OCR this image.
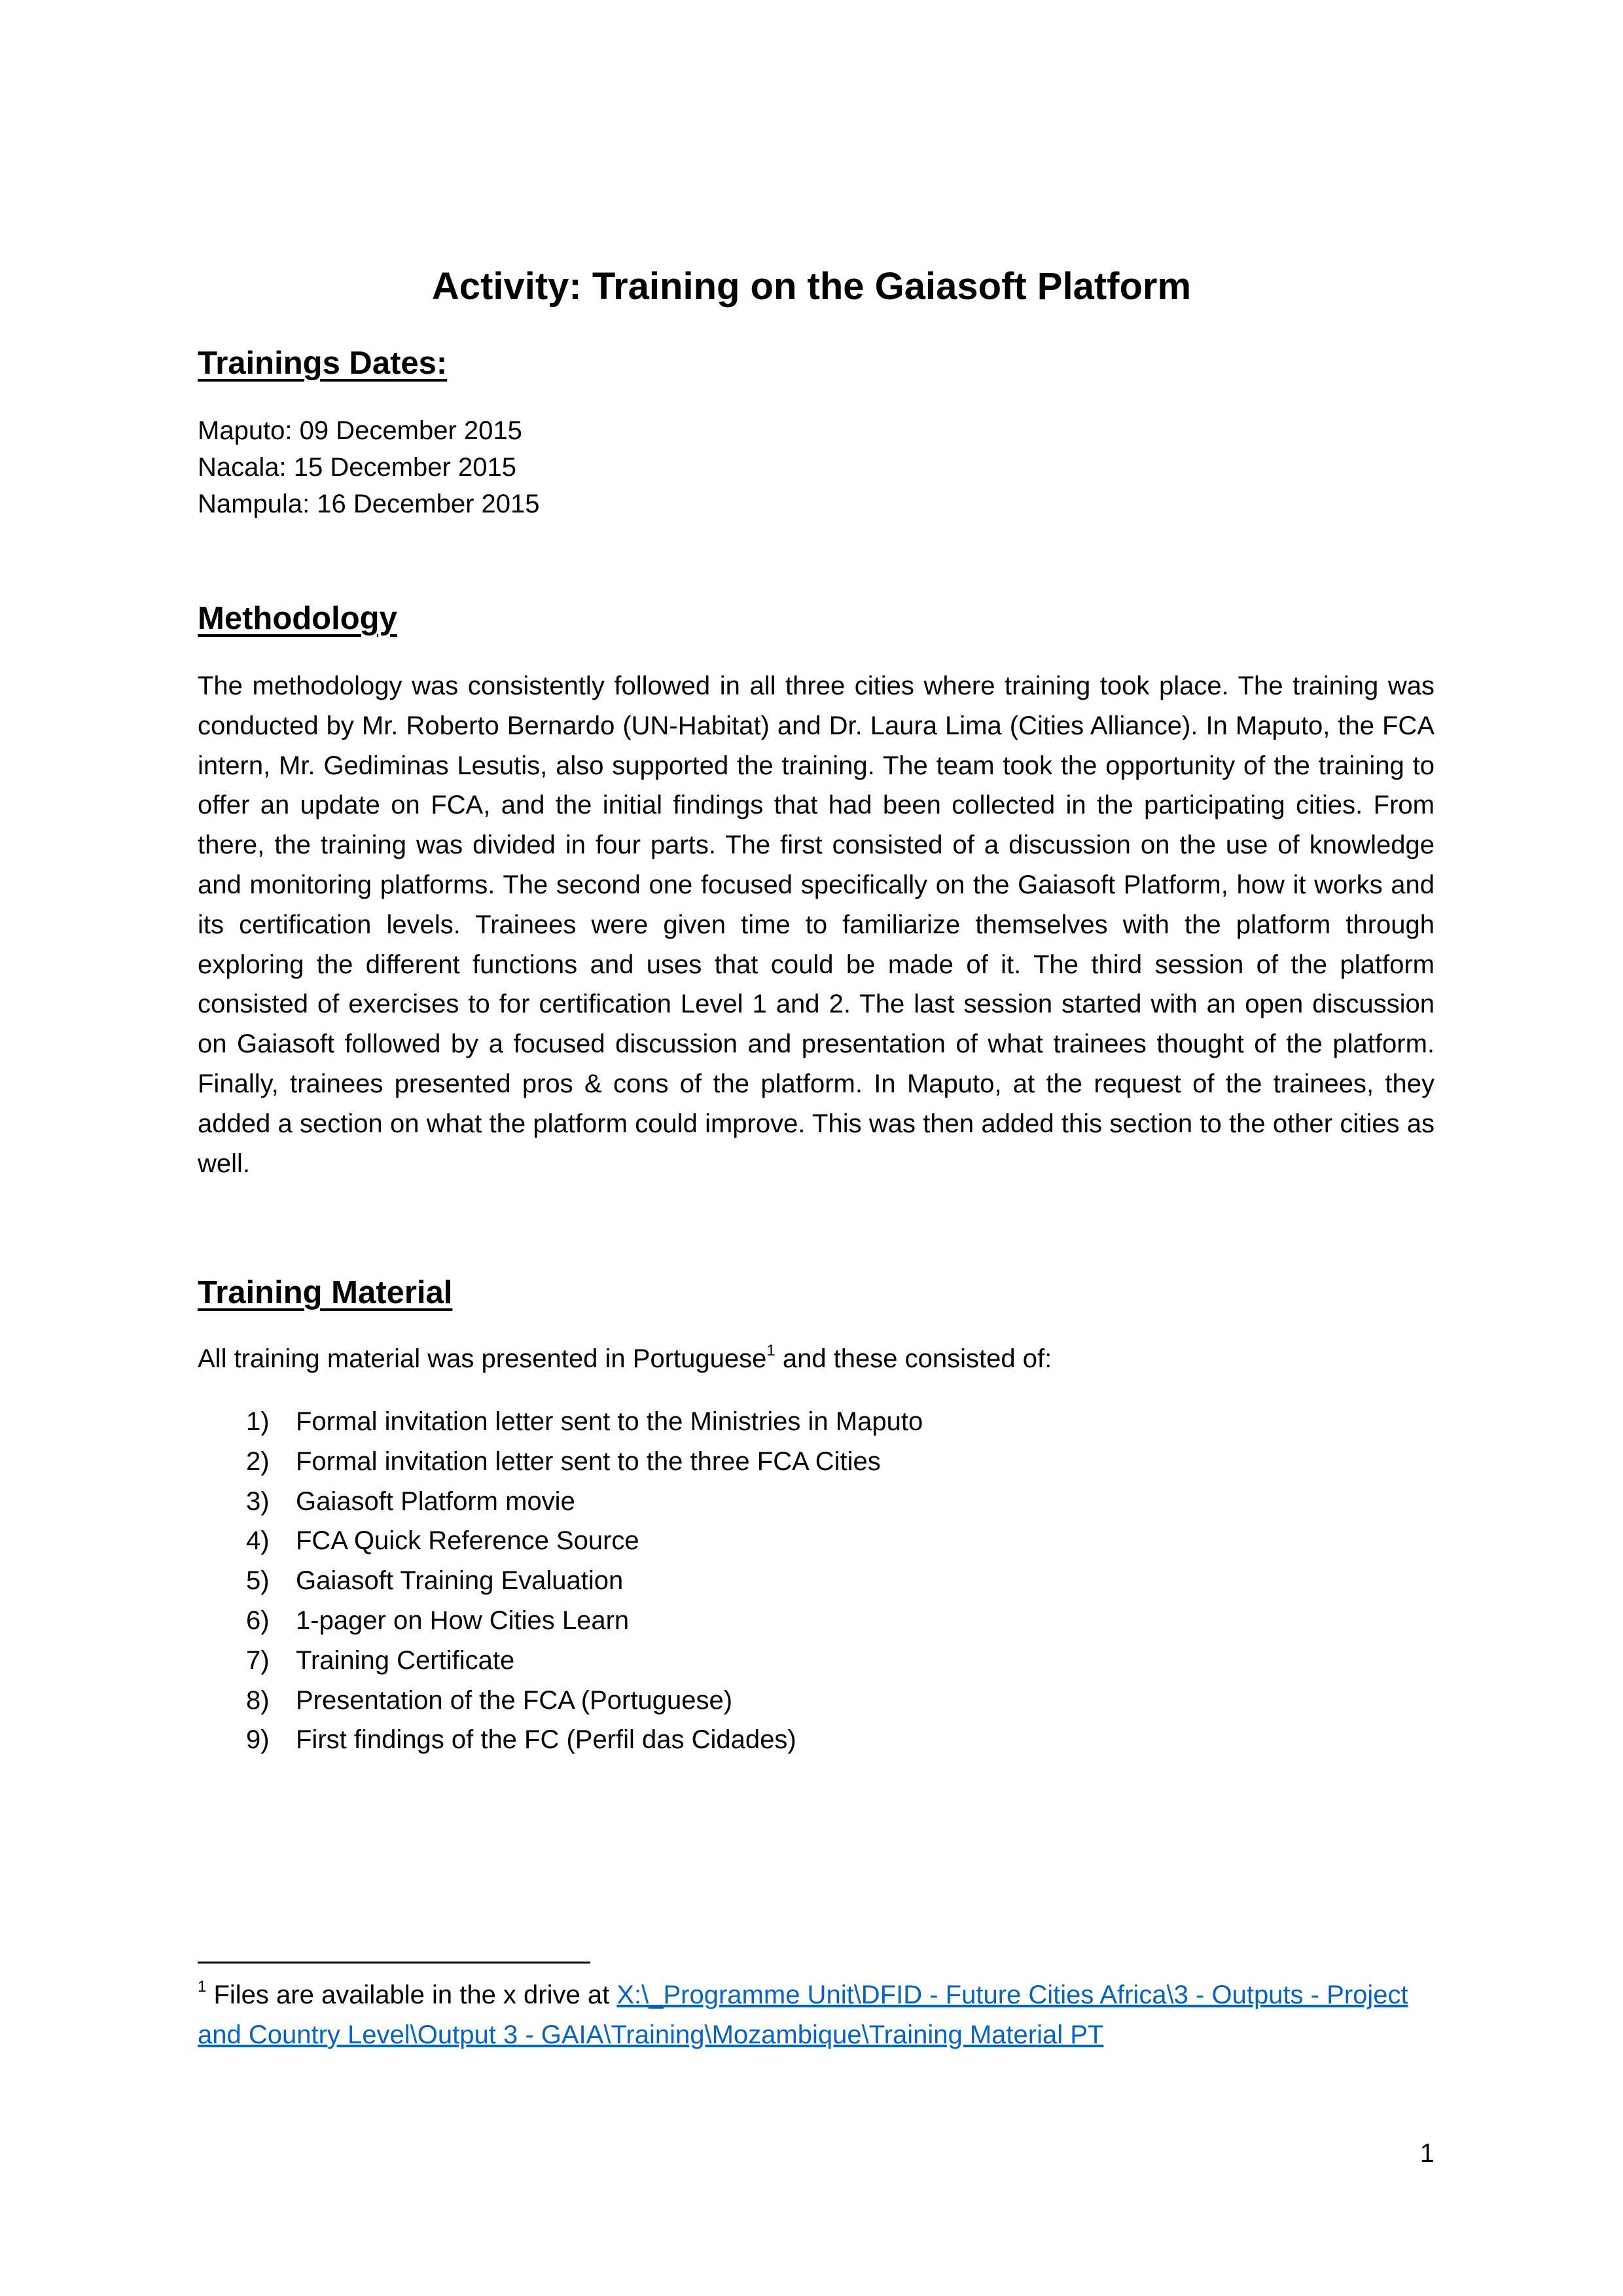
Activity: Training on the Gaiasoft Platform
Trainings Dates:
Maputo: 09 December 2015
Nacala: 15 December 2015
Nampula: 16 December 2015
Methodology

The methodology was consistently followed in all three cities where training took place. The training was conducted by Mr. Roberto Bernardo (UN-Habitat) and Dr. Laura Lima (Cities Alliance). In Maputo, the FCA intern, Mr. Gediminas Lesutis, also supported the training. The team took the opportunity of the training to offer an update on FCA, and the initial findings that had been collected in the participating cities. From there, the training was divided in four parts. The first consisted of a discussion on the use of knowledge and monitoring platforms. The second one focused specifically on the Gaiasoft Platform, how it works and its certification levels. Trainees were given time to familiarize themselves with the platform through exploring the different functions and uses that could be made of it. The third session of the platform consisted of exercises to for certification Level 1 and 2. The last session started with an open discussion on Gaiasoft followed by a focused discussion and presentation of what trainees thought of the platform. Finally, trainees presented pros & cons of the platform. In Maputo, at the request of the trainees, they added a section on what the platform could improve. This was then added this section to the other cities as well.

Training Material

All training material was presented in Portuguese$^1$ and these consisted of:

1)	Formal invitation letter sent to the Ministries in Maputo
2)	Formal invitation letter sent to the three FCA Cities
3)	Gaiasoft Platform movie
4)	FCA Quick Reference Source
5)	Gaiasoft Training Evaluation
6)	1-pager on How Cities Learn
7)	Training Certificate
8)	Presentation of the FCA (Portuguese)
9)	First findings of the FC (Perfil das Cidades)

$^1$ Files are available in the x drive at X:\_Programme Unit\DFID - Future Cities Africa\3 - Outputs - Project and Country Level\Output 3 - GAIA\Training\Mozambique\Training Material PT

1
